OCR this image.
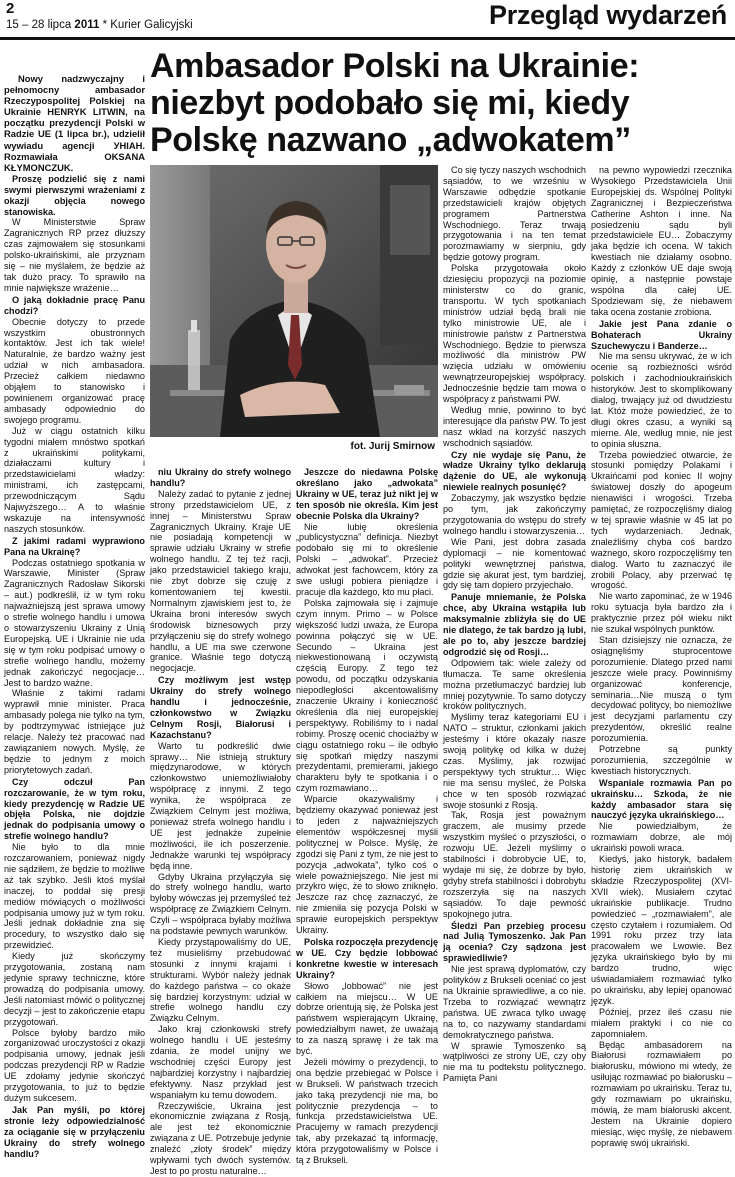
2
15 – 28 lipca 2011 * Kurier Galicyjski	Przegląd wydarzeń
Ambasador Polski na Ukrainie: niezbyt podobało się mi, kiedy Polskę nazwano „adwokatem”
fot. Jurij Smirnow

Nowy nadzwyczajny i pełnomocny ambasador Rzeczypospolitej Polskiej na Ukrainie HENRYK LITWIN, na początku prezydencji Polski w Radzie UE (1 lipca br.), udzielił wywiadu agencji УНІАН. Rozmawiała OKSANA KŁYMONCZUK.

Proszę podzielić się z nami swymi pierwszymi wrażeniami z okazji objęcia nowego stanowiska.

W Ministerstwie Spraw Zagranicznych RP przez dłuższy czas zajmowałem się stosunkami polsko-ukraińskimi, ale przyznam się – nie myślałem, że będzie aż tak dużo pracy. To sprawiło na mnie największe wrażenie…

O jaką dokładnie pracę Panu chodzi?

Obecnie dotyczy to przede wszystkim obustronnych kontaktów. Jest ich tak wiele! Naturalnie, że bardzo ważny jest udział w nich ambasadora. Przecież całkiem niedawno objąłem to stanowisko i powinienem organizować pracę ambasady odpowiednio do swojego programu.

Już w ciągu ostatnich kilku tygodni miałem mnóstwo spotkań z ukraińskimi politykami, działaczami kultury i przedstawicielami władzy: ministrami, ich zastępcami, przewodniczącym Sądu Najwyższego… A to właśnie wskazuje na intensywność naszych stosunków.

Z jakimi radami wyprawiono Pana na Ukrainę?

Podczas ostatniego spotkania w Warszawie, Minister (Spraw Zagranicznych Radosław Sikorski – aut.) podkreślił, iż w tym roku najważniejszą jest sprawa umowy o strefie wolnego handlu i umowa o stowarzyszeniu Ukrainy z Unią Europejską. UE i Ukrainie nie uda się w tym roku podpisać umowy o strefie wolnego handlu, możemy jednak zakończyć negocjacje… Jest to bardzo ważne.

Właśnie z takimi radami wyprawił mnie minister. Praca ambasady polega nie tylko na tym, by podtrzymywać istniejące już relacje. Należy też pracować nad zawiązaniem nowych. Myślę, że będzie to jednym z moich priorytetowych zadań.

Czy odczuł Pan rozczarowanie, że w tym roku, kiedy prezydencję w Radzie UE objęła Polska, nie dojdzie jednak do podpisania umowy o strefie wolnego handlu?

Nie było to dla mnie rozczarowaniem, ponieważ nigdy nie sądziłem, że będzie to możliwe aż tak szybko. Jeśli ktoś myślał inaczej, to poddał się presji mediów mówiących o możliwości podpisania umowy już w tym roku. Jeśli jednak dokładnie zna się procedury, to wszystko dało się przewidzieć.

Kiedy już skończymy przygotowania, zostaną nam jedynie sprawy techniczne, które prowadzą do podpisania umowy. Jeśli natomiast mówić o politycznej decyzji – jest to zakończenie etapu przygotowań.

Polsce byłoby bardzo miło zorganizować uroczystości z okazji podpisania umowy, jednak jeśli podczas prezydencji RP w Radzie UE zdołamy jedynie skończyć przygotowania, to już to będzie dużym sukcesem.

Jak Pan myśli, po której stronie leży odpowiedzialność za ociąganie się w przyłączeniu Ukrainy do strefy wolnego handlu?

niu Ukrainy do strefy wolnego handlu?

Należy zadać to pytanie z jednej strony przedstawicielom UE, z innej – Ministerstwu Spraw Zagranicznych Ukrainy. Kraje UE nie posiadają kompetencji w sprawie udziału Ukrainy w strefie wolnego handlu. Z tej też racji, jako przedstawiciel takiego kraju, nie zbyt dobrze się czuję z komentowaniem tej kwestii. Normalnym zjawiskiem jest to, że Ukraina broni interesów swych środowisk biznesowych przy przyłączeniu się do strefy wolnego handlu, a UE ma swe czerwone granice. Właśnie tego dotyczą negocjacje.

Czy możliwym jest wstęp Ukrainy do strefy wolnego handlu i jednocześnie, członkowstwo w Związku Celnym Rosji, Białorusi i Kazachstanu?

Warto tu podkreślić dwie sprawy… Nie istnieją struktury międzynarodowe, w których członkowstwo uniemożliwiałoby współpracę z innymi. Z tego wynika, że współpraca ze Związkiem Celnym jest możliwa, ponieważ strefa wolnego handlu i UE jest jednakże zupełnie możliwości, ile ich poszerzenie. Jednakże warunki tej współpracy będą inne.

Gdyby Ukraina przyłączyła się do strefy wolnego handlu, warto byłoby wówczas jej przemyśleć też współpracę ze Związkiem Celnym. Czyli – współpraca byłaby możliwa na podstawie pewnych warunków.

Kiedy przystąpowaliśmy do UE, też musieliśmy przebudować stosunki z innymi krajami i strukturami. Wybór należy jednak do każdego państwa – co okaże się bardziej korzystnym: udział w strefie wolnego handlu czy Związku Celnym.

Jako kraj członkowski strefy wolnego handlu i UE jesteśmy zdania, że model unijny we wschodniej części Europy jest najbardziej korzystny i najbardziej efektywny. Nasz przykład jest wspaniałym ku temu dowodem.

Rzeczywiście, Ukraina jest ekonomicznie związana z Rosją, ale jest też ekonomicznie związana z UE. Potrzebuje jedynie znaleźć „złoty środek” między wpływami tych dwóch systemów. Jest to po prostu naturalne…

Jeszcze do niedawna Polskę określano jako „adwokata” Ukrainy w UE, teraz już nikt jej w ten sposób nie określa. Kim jest obecnie Polska dla Ukrainy?

Nie lubię określenia „publicystyczna” definicja. Niezbyt podobało się mi to określenie Polski – „adwokat”. Przecież adwokat jest fachowcem, który za swe usługi pobiera pieniądze i pracuje dla każdego, kto mu płaci.

Polska zajmowała się i zajmuje czym innym. Primo – w Polsce większość ludzi uważa, że Europa powinna połączyć się w UE. Secundo – Ukraina jest niekwestionowaną i oczywistą częścią Europy. Z tego też powodu, od początku odzyskania niepodległości akcentowaliśmy znaczenie Ukrainy i konieczność określenia dla niej europejskiej perspektywy. Robiliśmy to i nadal robimy. Proszę ocenić chociażby w ciągu ostatniego roku – ile odbyło się spotkań między naszymi prezydentami, premierami, jakiego charakteru były te spotkania i o czym rozmawiano…

Wparcie okazywaliśmy i będziemy okazywać ponieważ jest to jeden z najważniejszych elementów współczesnej myśli politycznej w Polsce. Myślę, że zgodzi się Pani z tym, że nie jest to pozycja „adwokata”, tylko coś o wiele poważniejszego. Nie jest mi przykro więc, że to słowo zniknęło. Jeszcze raz chcę zaznaczyć, że nie zmieniła się pozycja Polski w sprawie europejskich perspektyw Ukrainy.

Polska rozpoczęła prezydencję w UE. Czy będzie lobbować konkretne kwestie w interesach Ukrainy?

Słowo „lobbować” nie jest całkiem na miejscu… W UE dobrze orientują się, że Polska jest państwem wspierającym Ukrainę, powiedziałbym nawet, że uważają to za naszą sprawę i że tak ma być.

Jeżeli mówimy o prezydencji, to ona będzie przebiegać w Polsce i w Brukseli. W państwach trzecich jako taką prezydencji nie ma, bo politycznie prezydencja – to funkcja przedstawicielstwa UE. Pracujemy w ramach prezydencji tak, aby przekazać tą informację, która przygotowaliśmy w Polsce i tą z Brukseli.

Co się tyczy naszych wschodnich sąsiadów, to we wrześniu w Warszawie odbędzie spotkanie przedstawicieli krajów objętych programem Partnerstwa Wschodniego. Teraz trwają przygotowania i na ten temat porozmawiamy w sierpniu, gdy będzie gotowy program.

Polska przygotowała około dziesięciu propozycji na poziomie ministerstw co do granic, transportu. W tych spotkaniach ministrów udział będą brali nie tylko ministrowie UE, ale i ministrowie państw z Partnerstwa Wschodniego. Będzie to pierwsza możliwość dla ministrów PW wzięcia udziału w omówieniu wewnątrzeuropejskiej współpracy. Jednocześnie będzie tam mowa o współpracy z państwami PW.

Według mnie, powinno to być interesujące dla państw PW. To jest nasz wkład na korzyść naszych wschodnich sąsiadów.

Czy nie wydaje się Panu, że władze Ukrainy tylko deklarują dążenie do UE, ale wykonują niewiele realnych posunięć?

Zobaczymy, jak wszystko będzie po tym, jak zakończymy przygotowania do wstępu do strefy wolnego handlu i stowarzyszenia…

Wie Pani, jest dobra zasada dyplomacji – nie komentować polityki wewnętrznej państwa, gdzie się akurat jest, tym bardziej, gdy się tam dopiero przyjechało.

Panuje mniemanie, że Polska chce, aby Ukraina wstąpiła lub maksymalnie zbliżyła się do UE nie dlatego, że tak bardzo ją lubi, ale po to, aby jeszcze bardziej odgrodzić się od Rosji…

Odpowiem tak: wiele zależy od tłumacza. Te same określenia można przetłumaczyć bardziej lub mniej pozytywnie. To samo dotyczy kroków politycznych.

Myślimy teraz kategoriami EU i NATO – struktur, członkami jakich jesteśmy i które okazały nasze swoją politykę od kilka w dużej czas. Myślimy, jak rozwijać perspektywy tych struktur… Więc nie ma sensu myśleć, że Polska chce w ten sposób rozwiązać swoje stosunki z Rosją.

Tak, Rosja jest poważnym graczem, ale musimy przede wszystkim myśleć o przyszłości, o rozwoju UE. Jeżeli myślimy o stabilności i dobrobycie UE, to, wydaje mi się, że dobrze by było, gdyby strefa stabilności i dobrobytu rozszerzyła się na naszych sąsiadów. To daje pewność spokojnego jutra.

Śledzi Pan przebieg procesu nad Julią Tymoszenko. Jak Pan ją ocenia? Czy sądzona jest sprawiedliwie?

Nie jest sprawą dyplomatów, czy polityków z Brukseli oceniać co jest na Ukrainie sprawiedliwe, a co nie. Trzeba to rozwiązać wewnątrz państwa. UE zwraca tylko uwagę na to, co nazywamy standardami demokratycznego państwa.

W sprawie Tymoszenko są wątpliwości ze strony UE, czy oby nie ma tu podtekstu politycznego. Pamięta Pani

na pewno wypowiedzi rzecznika Wysokiego Przedstawiciela Unii Europejskiej ds. Wspólnej Polityki Zagranicznej i Bezpieczeństwa Catherine Ashton i inne. Na posiedzeniu sądu byli przedstawiciele EU… Zobaczymy jaka będzie ich ocena. W takich kwestiach nie działamy osobno. Każdy z członków UE daje swoją opinię, a następnie powstaje wspólna dla całej UE. Spodziewam się, że niebawem taka ocena zostanie zrobiona.

Jakie jest Pana zdanie o Bohaterach Ukrainy Szuchewyczu i Banderze…

Nie ma sensu ukrywać, że w ich ocenie są rozbieżności wśród polskich i zachodnioukraińskich historyków. Jest to skomplikowany dialog, trwający już od dwudziestu lat. Któż może powiedzieć, że to długi okres czasu, a wyniki są mierne. Ale, według mnie, nie jest to opinia słuszna.

Trzeba powiedzieć otwarcie, że stosunki pomiędzy Polakami i Ukraińcami pod koniec II wojny światowej doszły do apogeum nienawiści i wrogości. Trzeba pamiętać, że rozpoczęliśmy dialog w tej sprawie właśnie w 45 lat po tych wydarzeniach. Jednak, znaleźliśmy chyba coś bardzo ważnego, skoro rozpoczęliśmy ten dialog. Warto tu zaznaczyć ile zrobili Polacy, aby przerwać tę wrogość.

Nie warto zapominać, że w 1946 roku sytuacja była bardzo zła i praktycznie przez pół wieku nikt nie szukał wspólnych punktów.

Stan dzisiejszy nie oznacza, że osiągnęliśmy stuprocentowe porozumienie. Dlatego przed nami jeszcze wiele pracy. Powinniśmy organizować konferencje, seminaria…Nie muszą o tym decydować politycy, bo niemożliwe jest decyzjami parlamentu czy prezydentów, określić realne porozumienia.

Potrzebne są punkty porozumienia, szczególnie w kwestiach historycznych.

Wspaniale rozmawia Pan po ukraińsku… Szkoda, że nie każdy ambasador stara się nauczyć języka ukraińskiego…

Nie powiedziałbym, że rozmawiam dobrze, ale mój ukraiński powoli wraca.

Kiedyś, jako historyk, badałem historię ziem ukraińskich w składzie Rzeczypospolitej (XVI-XVII wiek). Musiałem czytać ukraińskie publikacje. Trudno powiedzieć – „rozmawiałem”, ale często czytałem i rozumiałem. Od 1991 roku przez trzy lata pracowałem we Lwowie. Bez języka ukraińskiego było by mi bardzo trudno, więc uświadamiałem rozmawiać tylko po ukraińsku, aby lepiej opanować język.

Później, przez ileś czasu nie miałem praktyki i co nie co zapomniałem.

Będąc ambasadorem na Białorusi rozmawiałem po białorusku, mówiono mi wtedy, że usiłując rozmawiać po białorusku – rozmawiam po ukraińsku. Teraz tu, gdy rozmawiam po ukraińsku, mówią, że mam białoruski akcent. Jestem na Ukrainie dopiero miesiąc, więc myślę, że niebawem poprawię swój ukraiński.
